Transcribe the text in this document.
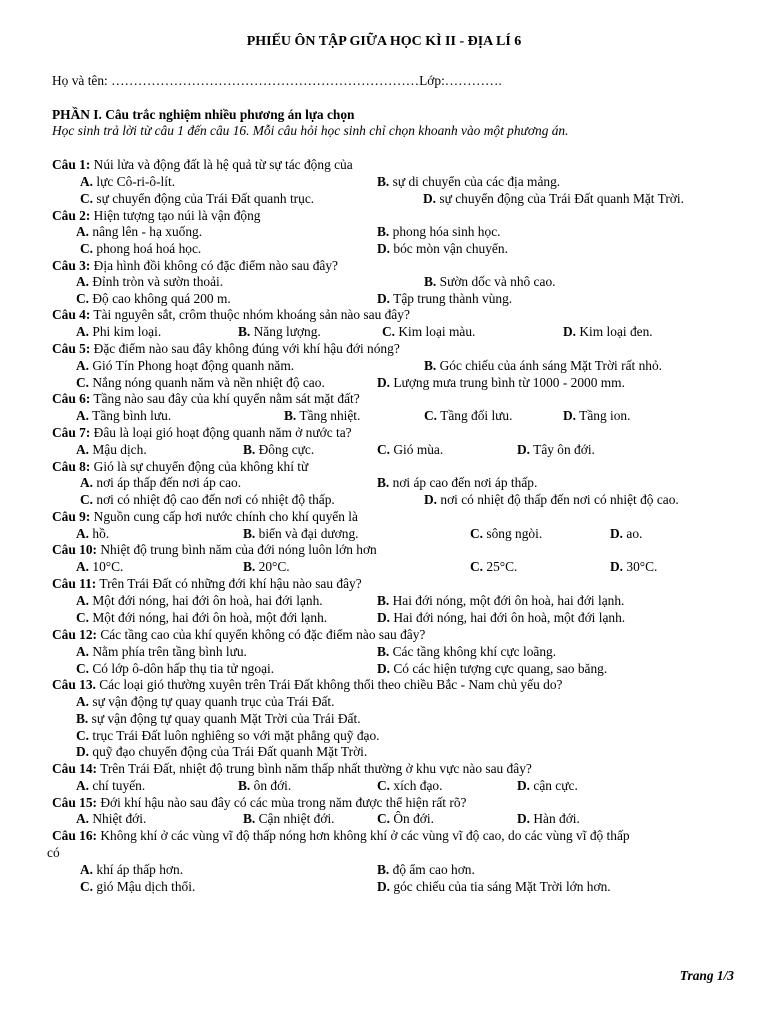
PHIẾU ÔN TẬP GIỮA HỌC KÌ II - ĐỊA LÍ 6
Họ và tên: ……………………………………………………………Lớp:………….
PHẦN I. Câu trắc nghiệm nhiều phương án lựa chọn
Học sinh trả lời từ câu 1 đến câu 16. Mỗi câu hỏi học sinh chỉ chọn khoanh vào một phương án.
Câu 1: Núi lửa và động đất là hệ quả từ sự tác động của
A. lực Cô-ri-ô-lít.	B. sự di chuyển của các địa mảng.
C. sự chuyển động của Trái Đất quanh trục.	D. sự chuyển động của Trái Đất quanh Mặt Trời.
Câu 2: Hiện tượng tạo núi là vận động
A. nâng lên - hạ xuống.	B. phong hóa sinh học.
C. phong hoá hoá học.	D. bóc mòn vận chuyển.
Câu 3: Địa hình đồi không có đặc điểm nào sau đây?
A. Đỉnh tròn và sườn thoải.	B. Sườn dốc và nhô cao.
C. Độ cao không quá 200 m.	D. Tập trung thành vùng.
Câu 4: Tài nguyên sắt, crôm thuộc nhóm khoáng sản nào sau đây?
A. Phi kim loại.	B. Năng lượng.	C. Kim loại màu.	D. Kim loại đen.
Câu 5: Đặc điểm nào sau đây không đúng với khí hậu đới nóng?
A. Gió Tín Phong hoạt động quanh năm.	B. Góc chiếu của ánh sáng Mặt Trời rất nhỏ.
C. Nắng nóng quanh năm và nền nhiệt độ cao.	D. Lượng mưa trung bình từ 1000 - 2000 mm.
Câu 6: Tầng nào sau đây của khí quyển nằm sát mặt đất?
A. Tầng bình lưu.	B. Tầng nhiệt.	C. Tầng đối lưu.	D. Tầng ion.
Câu 7: Đâu là loại gió hoạt động quanh năm ở nước ta?
A. Mậu dịch.	B. Đông cực.	C. Gió mùa.	D. Tây ôn đới.
Câu 8: Gió là sự chuyển động của không khí từ
A. nơi áp thấp đến nơi áp cao.	B. nơi áp cao đến nơi áp thấp.
C. nơi có nhiệt độ cao đến nơi có nhiệt độ thấp.	D. nơi có nhiệt độ thấp đến nơi có nhiệt độ cao.
Câu 9: Nguồn cung cấp hơi nước chính cho khí quyển là
A. hồ.	B. biển và đại dương.	C. sông ngòi.	D. ao.
Câu 10: Nhiệt độ trung bình năm của đới nóng luôn lớn hơn
A. 10°C.	B. 20°C.	C. 25°C.	D. 30°C.
Câu 11: Trên Trái Đất có những đới khí hậu nào sau đây?
A. Một đới nóng, hai đới ôn hoà, hai đới lạnh.	B. Hai đới nóng, một đới ôn hoà, hai đới lạnh.
C. Một đới nóng, hai đới ôn hoà, một đới lạnh.	D. Hai đới nóng, hai đới ôn hoà, một đới lạnh.
Câu 12: Các tầng cao của khí quyển không có đặc điểm nào sau đây?
A. Nằm phía trên tầng bình lưu.	B. Các tầng không khí cực loãng.
C. Có lớp ô-dôn hấp thụ tia tử ngoại.	D. Có các hiện tượng cực quang, sao băng.
Câu 13. Các loại gió thường xuyên trên Trái Đất không thổi theo chiều Bắc - Nam chủ yếu do?
A. sự vận động tự quay quanh trục của Trái Đất.
B. sự vận động tự quay quanh Mặt Trời của Trái Đất.
C. trục Trái Đất luôn nghiêng so với mặt phẳng quỹ đạo.
D. quỹ đạo chuyển động của Trái Đất quanh Mặt Trời.
Câu 14: Trên Trái Đất, nhiệt độ trung bình năm thấp nhất thường ở khu vực nào sau đây?
A. chí tuyến.	B. ôn đới.	C. xích đạo.	D. cận cực.
Câu 15: Đới khí hậu nào sau đây có các mùa trong năm được thể hiện rất rõ?
A. Nhiệt đới.	B. Cận nhiệt đới.	C. Ôn đới.	D. Hàn đới.
Câu 16: Không khí ở các vùng vĩ độ thấp nóng hơn không khí ở các vùng vĩ độ cao, do các vùng vĩ độ thấp
có
A. khí áp thấp hơn.	B. độ ẩm cao hơn.
C. gió Mậu dịch thổi.	D. góc chiếu của tia sáng Mặt Trời lớn hơn.
Trang 1/3
